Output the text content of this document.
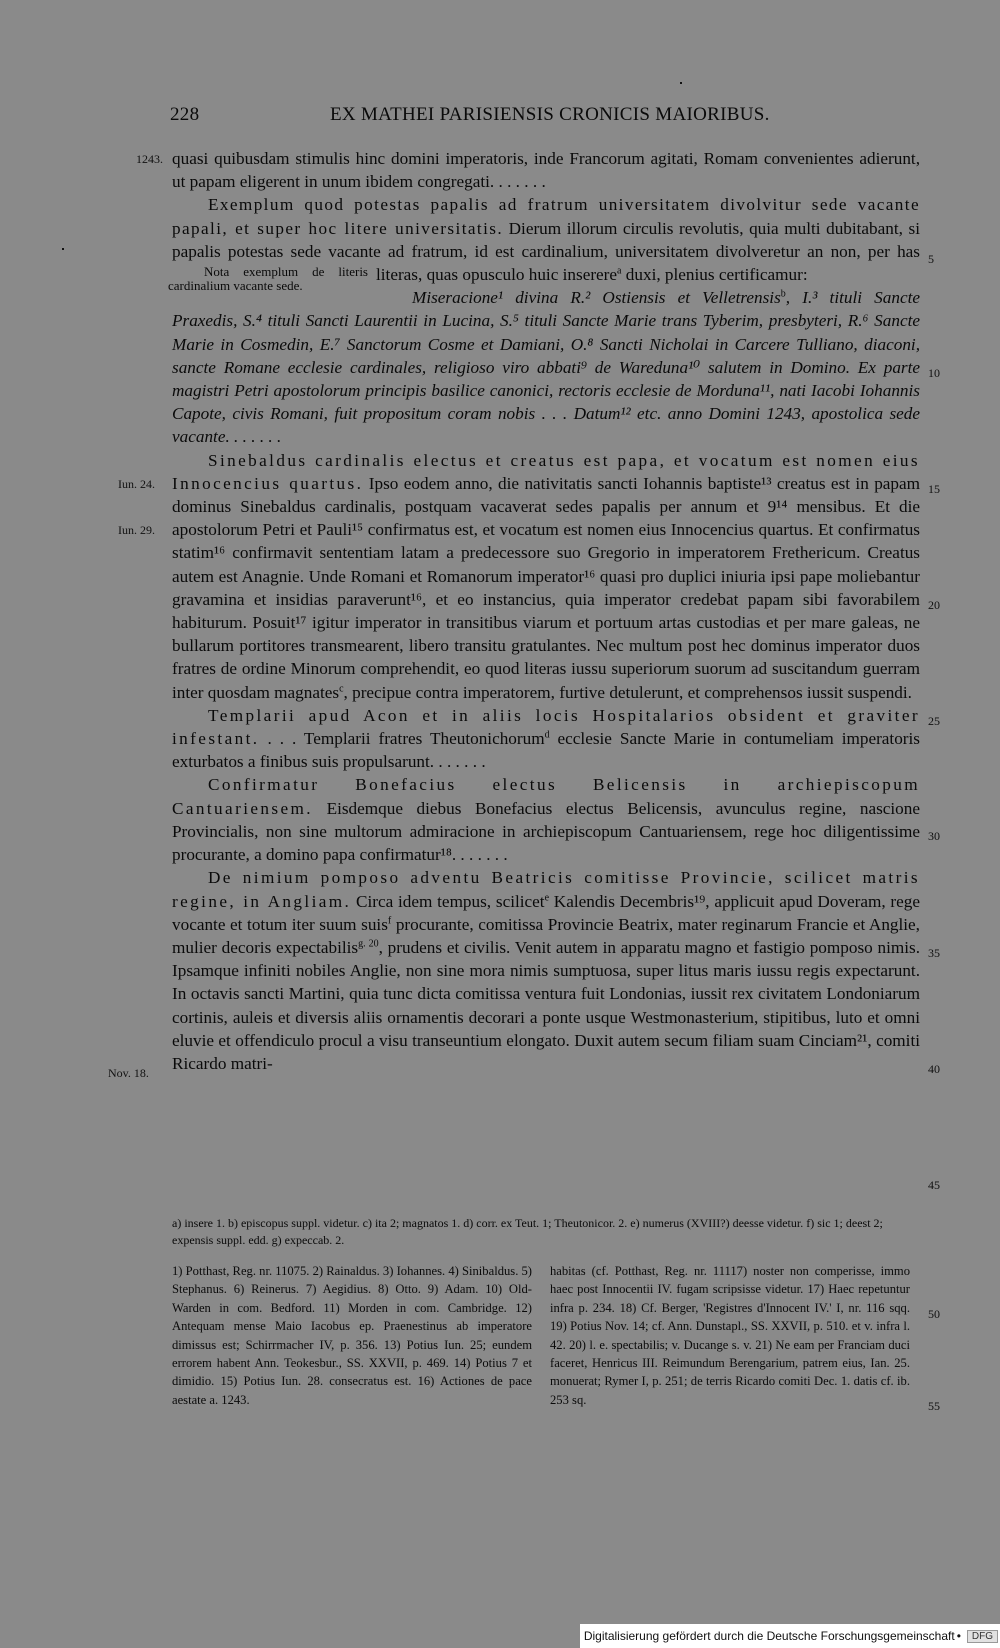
228	EX MATHEI PARISIENSIS CRONICIS MAIORIBUS.
1243.
Iun. 24.
Iun. 29.
Nov. 18.
5
10
15
20
25
30
35
40
45

quasi quibusdam stimulis hinc domini imperatoris, inde Francorum agitati, Romam convenientes adierunt, ut papam eligerent in unum ibidem congregati. . . . . . .

Exemplum quod potestas papalis ad fratrum universitatem divolvitur sede vacante papali, et super hoc litere universitatis. Dierum illorum circulis revolutis, quia multi dubitabant, si papalis potestas sede vacante ad fratrum, id est cardinalium, universitatem divolveretur an non, per has literas, quas opusculo huic inserere$^a$
Nota exemplum de literis cardinalium vacante sede.
duxi, plenius certificamur:

Miseracione¹ divina R.² Ostiensis et Velletrensis$^b$, I.³ tituli Sancte Praxedis, S.⁴ tituli Sancti Laurentii in Lucina, S.⁵ tituli Sancte Marie trans Tyberim, presbyteri, R.⁶ Sancte Marie in Cosmedin, E.⁷ Sanctorum Cosme et Damiani, O.⁸ Sancti Nicholai in Carcere Tulliano, diaconi, sancte Romane ecclesie cardinales, religioso viro abbati⁹ de Wareduna¹⁰ salutem in Domino. Ex parte magistri Petri apostolorum principis basilice canonici, rectoris ecclesie de Morduna¹¹, nati Iacobi Iohannis Capote, civis Romani, fuit propositum coram nobis . . . Datum¹² etc. anno Domini 1243, apostolica sede vacante. . . . . . .

Sinebaldus cardinalis electus et creatus est papa, et vocatum est nomen eius Innocencius quartus. Ipso eodem anno, die nativitatis sancti Iohannis baptiste¹³ creatus est in papam dominus Sinebaldus cardinalis, postquam vacaverat sedes papalis per annum et 9¹⁴ mensibus. Et die apostolorum Petri et Pauli¹⁵ confirmatus est, et vocatum est nomen eius Innocencius quartus. Et confirmatus statim¹⁶ confirmavit sententiam latam a predecessore suo Gregorio in imperatorem Frethericum. Creatus autem est Anagnie. Unde Romani et Romanorum imperator¹⁶ quasi pro duplici iniuria ipsi pape moliebantur gravamina et insidias paraverunt¹⁶, et eo instancius, quia imperator credebat papam sibi favorabilem habiturum. Posuit¹⁷ igitur imperator in transitibus viarum et portuum artas custodias et per mare galeas, ne bullarum portitores transmearent, libero transitu gratulantes. Nec multum post hec dominus imperator duos fratres de ordine Minorum comprehendit, eo quod literas iussu superiorum suorum ad suscitandum guerram inter quosdam magnates$^c$, precipue contra imperatorem, furtive detulerunt, et comprehensos iussit suspendi.

Templarii apud Acon et in aliis locis Hospitalarios obsident et graviter infestant. . . . Templarii fratres Theutonichorum$^d$ ecclesie Sancte Marie in contumeliam imperatoris exturbatos a finibus suis propulsarunt. . . . . . .

Confirmatur Bonefacius electus Belicensis in archiepiscopum Cantuariensem. Eisdemque diebus Bonefacius electus Belicensis, avunculus regine, nascione Provincialis, non sine multorum admiracione in archiepiscopum Cantuariensem, rege hoc diligentissime procurante, a domino papa confirmatur¹⁸. . . . . . .

De nimium pomposo adventu Beatricis comitisse Provincie, scilicet matris regine, in Angliam. Circa idem tempus, scilicet$^e$ Kalendis Decembris¹⁹, applicuit apud Doveram, rege vocante et totum iter suum suis$^f$ procurante, comitissa Provincie Beatrix, mater reginarum Francie et Anglie, mulier decoris expectabilis$^{g. 20}$, prudens et civilis. Venit autem in apparatu magno et fastigio pomposo nimis. Ipsamque infiniti nobiles Anglie, non sine mora nimis sumptuosa, super litus maris iussu regis expectarunt. In octavis sancti Martini, quia tunc dicta comitissa ventura fuit Londonias, iussit rex civitatem Londoniarum cortinis, auleis et diversis aliis ornamentis decorari a ponte usque Westmonasterium, stipitibus, luto et omni eluvie et offendiculo procul a visu transeuntium elongato. Duxit autem secum filiam suam Cinciam²¹, comiti Ricardo matri-

a) insere 1. b) episcopus suppl. videtur. c) ita 2; magnatos 1. d) corr. ex Teut. 1; Theutonicor. 2. e) numerus (XVIII?) deesse videtur. f) sic 1; deest 2; expensis suppl. edd. g) expeccab. 2.
1) Potthast, Reg. nr. 11075. 2) Rainaldus. 3) Iohannes. 4) Sinibaldus. 5) Stephanus. 6) Reinerus. 7) Aegidius. 8) Otto. 9) Adam. 10) Old-Warden in com. Bedford. 11) Morden in com. Cambridge. 12) Antequam mense Maio Iacobus ep. Praenestinus ab imperatore dimissus est; Schirrmacher IV, p. 356. 13) Potius Iun. 25; eundem errorem habent Ann. Teokesbur., SS. XXVII, p. 469. 14) Potius 7 et dimidio. 15) Potius Iun. 28. consecratus est. 16) Actiones de pace aestate a. 1243.
habitas (cf. Potthast, Reg. nr. 11117) noster non comperisse, immo haec post Innocentii IV. fugam scripsisse videtur. 17) Haec repetuntur infra p. 234. 18) Cf. Berger, 'Registres d'Innocent IV.' I, nr. 116 sqq. 19) Potius Nov. 14; cf. Ann. Dunstapl., SS. XXVII, p. 510. et v. infra l. 42. 20) l. e. spectabilis; v. Ducange s. v. 21) Ne eam per Franciam duci faceret, Henricus III. Reimundum Berengarium, patrem eius, Ian. 25. monuerat; Rymer I, p. 251; de terris Ricardo comiti Dec. 1. datis cf. ib. 253 sq.
50
55
Digitalisierung gefördert durch die Deutsche Forschungsgemeinschaft •	DFG
